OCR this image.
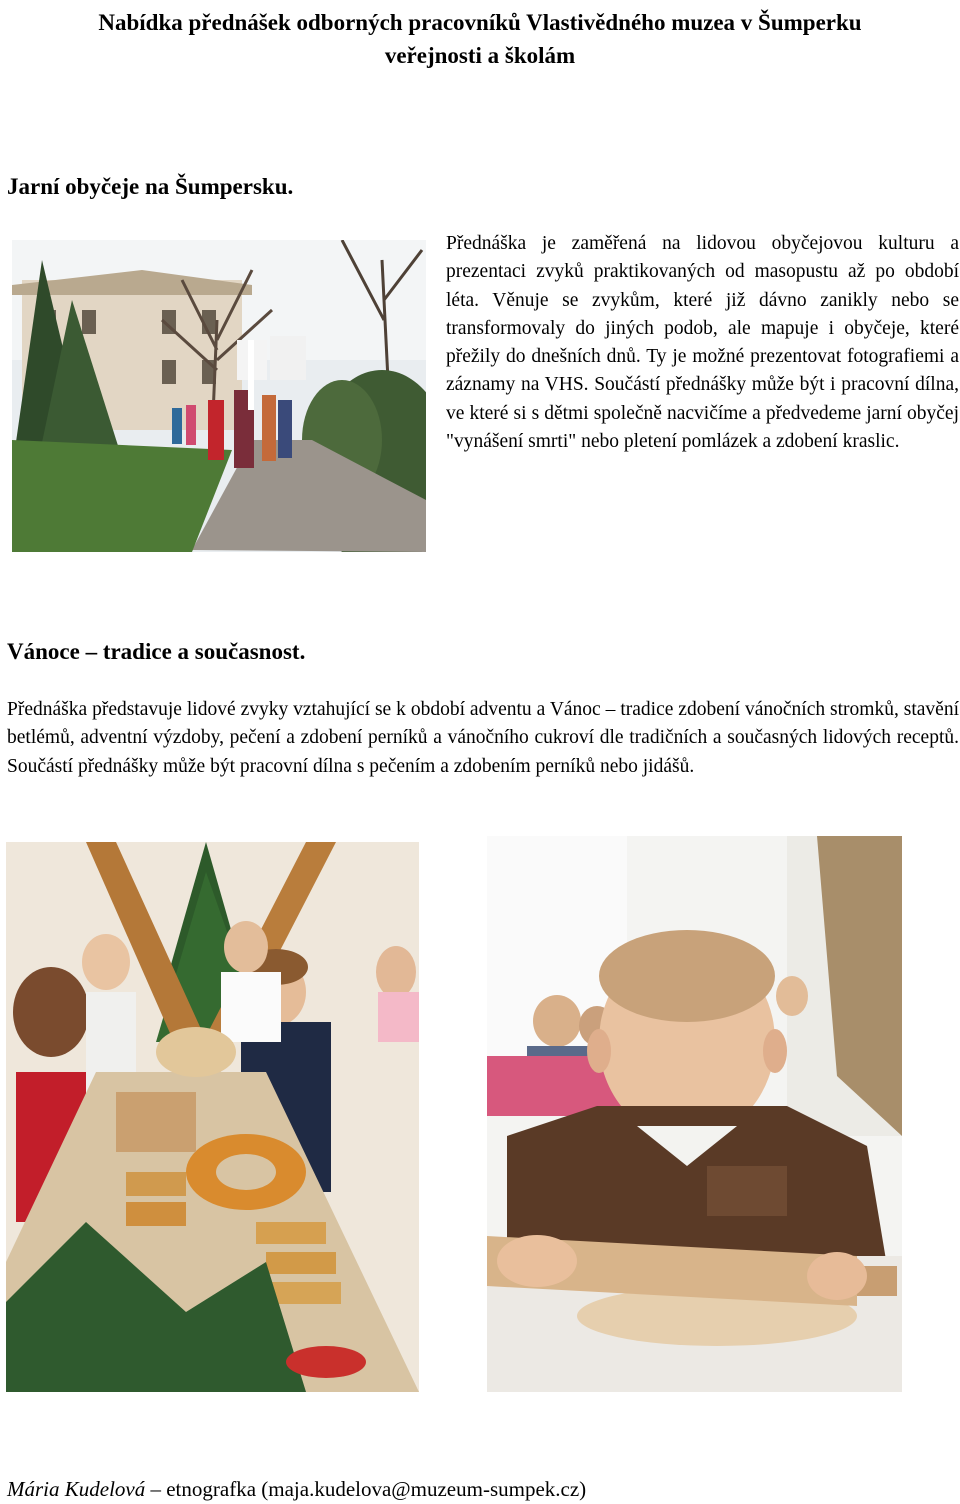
Nabídka přednášek odborných pracovníků Vlastivědného muzea v Šumperku
veřejnosti a školám
Jarní obyčeje na Šumpersku.
Přednáška je zaměřená na lidovou obyčejovou kulturu a prezentaci zvyků praktikovaných od masopustu až po období léta. Věnuje se zvykům, které již dávno zanikly nebo se transformovaly do jiných podob, ale mapuje i obyčeje, které přežily do dnešních dnů. Ty je možné prezentovat fotografiemi a záznamy na VHS. Součástí přednášky může být i pracovní dílna, ve které si s dětmi společně nacvičíme a předvedeme jarní obyčej "vynášení smrti" nebo pletení pomlázek a zdobení kraslic.
Vánoce – tradice a současnost.
Přednáška představuje lidové zvyky vztahující se k období adventu a Vánoc – tradice zdobení vánočních stromků, stavění betlémů, adventní výzdoby, pečení a zdobení perníků a vánočního cukroví dle tradičních a současných lidových receptů. Součástí přednášky může být pracovní dílna s pečením a zdobením perníků nebo jidášů.
Mária Kudelová – etnografka (maja.kudelova@muzeum-sumpek.cz)
